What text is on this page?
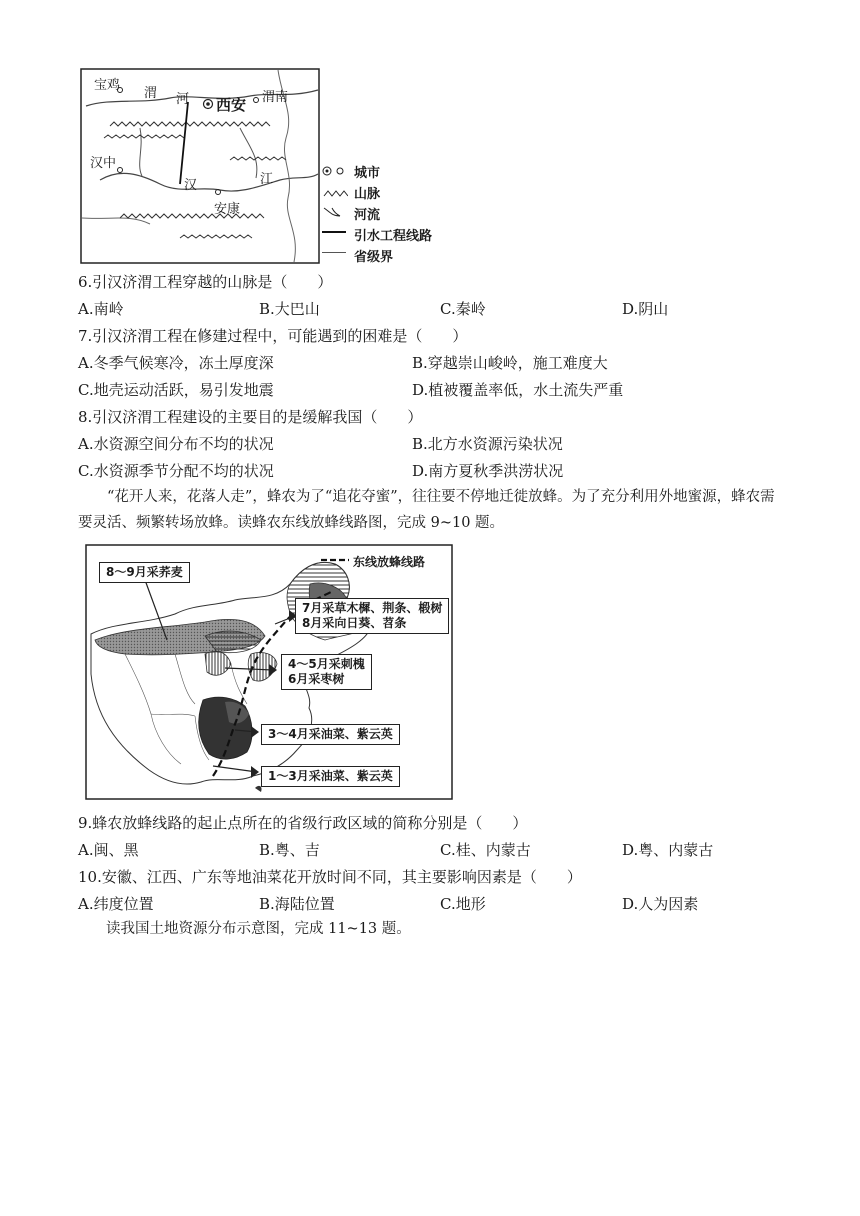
宝鸡
西安 渭南
汉中
安康
渭 河
汉	江	城市
山脉
河流
引水工程线路
省级界
6.引汉济渭工程穿越的山脉是（　　）
A.南岭	B.大巴山	C.秦岭	D.阴山
7.引汉济渭工程在修建过程中，可能遇到的困难是（　　）
A.冬季气候寒冷，冻土厚度深	B.穿越崇山峻岭，施工难度大
C.地壳运动活跃，易引发地震	D.植被覆盖率低，水土流失严重
8.引汉济渭工程建设的主要目的是缓解我国（　　）
A.水资源空间分布不均的状况	B.北方水资源污染状况
C.水资源季节分配不均的状况	D.南方夏秋季洪涝状况
“花开人来，花落人走”，蜂农为了“追花夺蜜”，往往要不停地迁徙放蜂。为了充分利用外地蜜源，蜂农需要灵活、频繁转场放蜂。读蜂农东线放蜂线路图，完成 9~10 题。
东线放蜂线路
8～9月采荞麦
7月采草木樨、荆条、椴树
8月采向日葵、苕条
4～5月采刺槐
6月采枣树
3～4月采油菜、紫云英
1～3月采油菜、紫云英
9.蜂农放蜂线路的起止点所在的省级行政区域的简称分别是（　　）
A.闽、黑	B.粤、吉	C.桂、内蒙古	D.粤、内蒙古
10.安徽、江西、广东等地油菜花开放时间不同，其主要影响因素是（　　）
A.纬度位置	B.海陆位置	C.地形	D.人为因素
读我国土地资源分布示意图，完成 11~13 题。
